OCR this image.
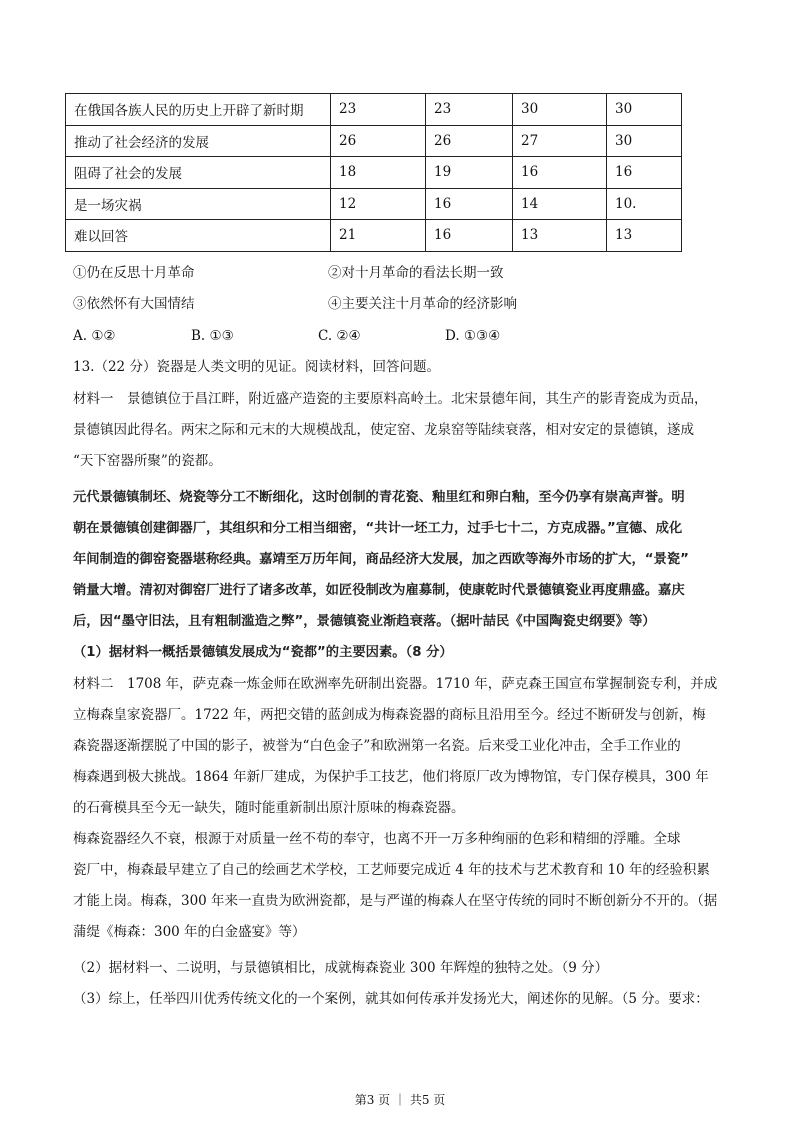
在俄国各族人民的历史上开辟了新时期	23	23	30	30
推动了社会经济的发展	26	26	27	30
阻碍了社会的发展	18	19	16	16
是一场灾祸	12	16	14	10.
难以回答	21	16	13	13
①仍在反思十月革命	②对十月革命的看法长期一致
③依然怀有大国情结	④主要关注十月革命的经济影响
A. ①②	B. ①③	C. ②④	D. ①③④
13.（22 分）瓷器是人类文明的见证。阅读材料，回答问题。
材料一　景德镇位于昌江畔，附近盛产造瓷的主要原料高岭土。北宋景德年间，其生产的影青瓷成为贡品，
景德镇因此得名。两宋之际和元末的大规模战乱，使定窑、龙泉窑等陆续衰落，相对安定的景德镇，遂成
“天下窑器所聚”的瓷都。
元代景德镇制坯、烧瓷等分工不断细化，这时创制的青花瓷、釉里红和卵白釉，至今仍享有崇高声誉。明
朝在景德镇创建御器厂，其组织和分工相当细密，“共计一坯工力，过手七十二，方克成器。”宣德、成化
年间制造的御窑瓷器堪称经典。嘉靖至万历年间，商品经济大发展，加之西欧等海外市场的扩大，“景瓷”
销量大增。清初对御窑厂进行了诸多改革，如匠役制改为雇募制，使康乾时代景德镇瓷业再度鼎盛。嘉庆
后，因“墨守旧法，且有粗制滥造之弊”，景德镇瓷业渐趋衰落。（据叶喆民《中国陶瓷史纲要》等）
（1）据材料一概括景德镇发展成为“瓷都”的主要因素。（8 分）
材料二　1708 年，萨克森一炼金师在欧洲率先研制出瓷器。1710 年，萨克森王国宣布掌握制瓷专利，并成
立梅森皇家瓷器厂。1722 年，两把交错的蓝剑成为梅森瓷器的商标且沿用至今。经过不断研发与创新，梅
森瓷器逐渐摆脱了中国的影子，被誉为“白色金子”和欧洲第一名瓷。后来受工业化冲击，全手工作业的
梅森遇到极大挑战。1864 年新厂建成，为保护手工技艺，他们将原厂改为博物馆，专门保存模具，300 年
的石膏模具至今无一缺失，随时能重新制出原汁原味的梅森瓷器。
梅森瓷器经久不衰，根源于对质量一丝不苟的奉守，也离不开一万多种绚丽的色彩和精细的浮雕。全球
瓷厂中，梅森最早建立了自己的绘画艺术学校，工艺师要完成近 4 年的技术与艺术教育和 10 年的经验积累
才能上岗。梅森，300 年来一直贵为欧洲瓷都，是与严谨的梅森人在坚守传统的同时不断创新分不开的。（据
蒲缇《梅森：300 年的白金盛宴》等）
（2）据材料一、二说明，与景德镇相比，成就梅森瓷业 300 年辉煌的独特之处。（9 分）
（3）综上，任举四川优秀传统文化的一个案例，就其如何传承并发扬光大，阐述你的见解。（5 分。要求：
第3 页 ｜ 共5 页
